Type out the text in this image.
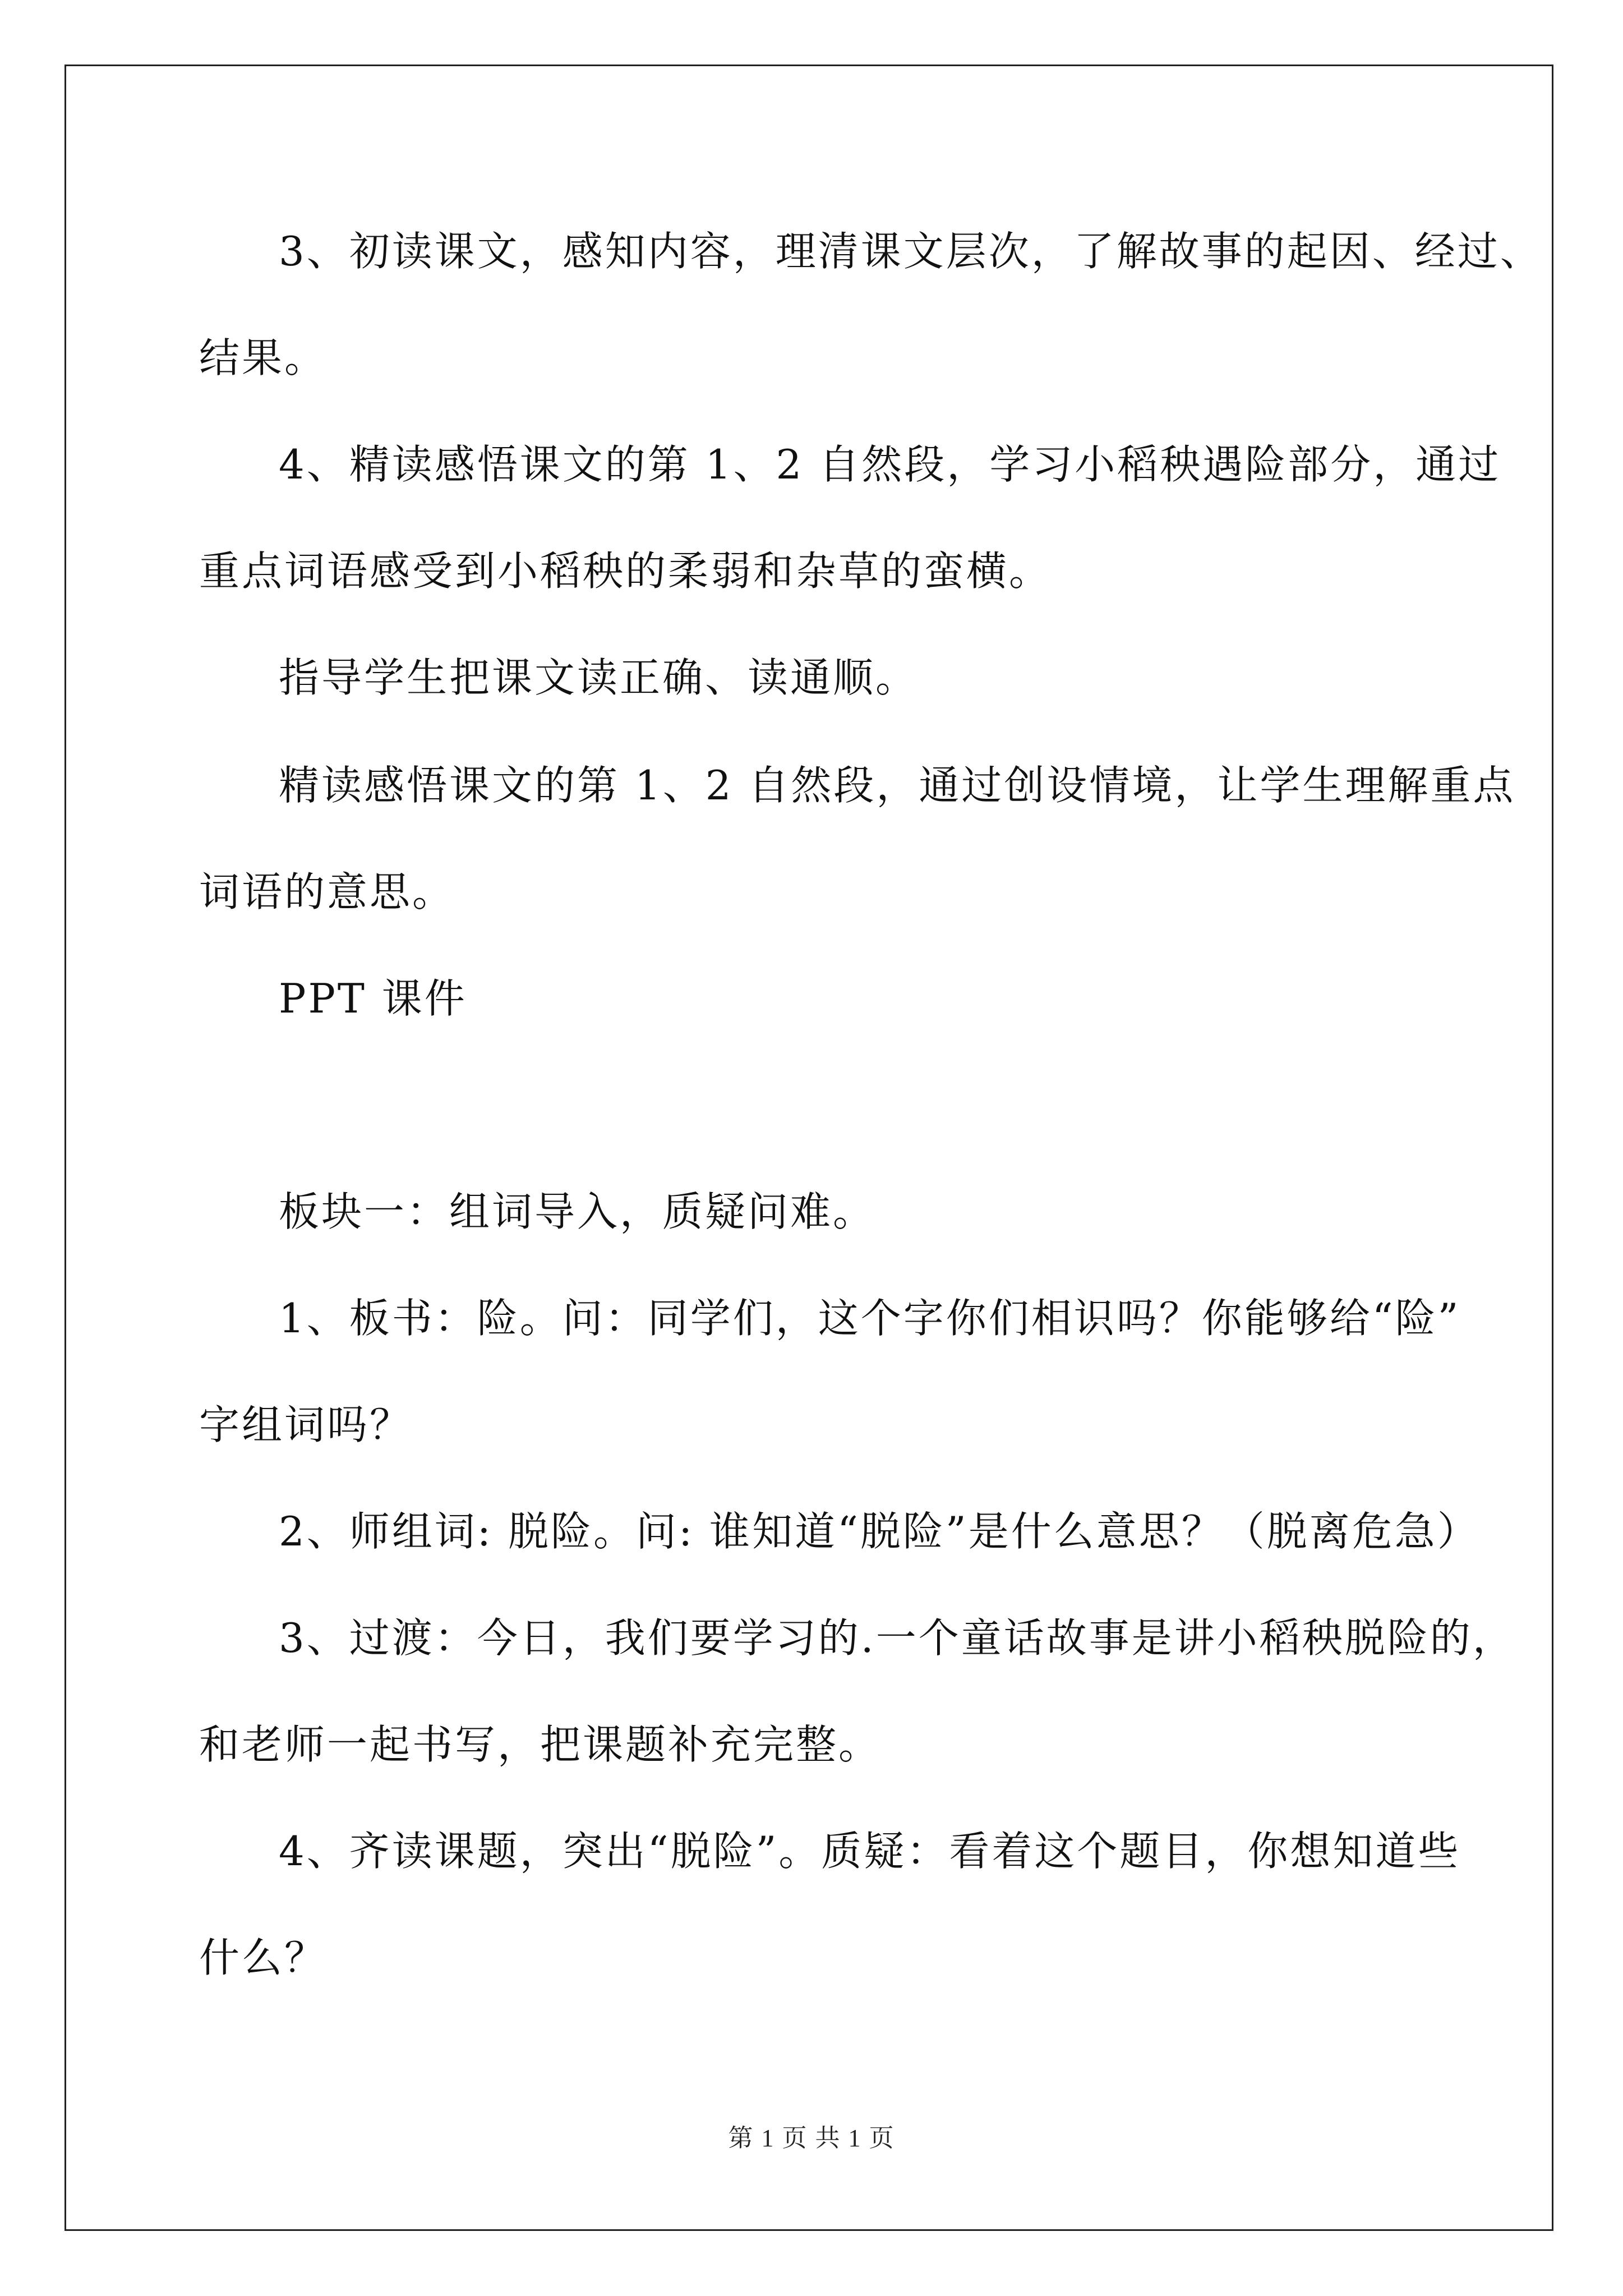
3、初读课文，感知内容，理清课文层次，了解故事的起因、经过、
结果。
4、精读感悟课文的第 1、2 自然段，学习小稻秧遇险部分，通过
重点词语感受到小稻秧的柔弱和杂草的蛮横。
指导学生把课文读正确、读通顺。
精读感悟课文的第 1、2 自然段，通过创设情境，让学生理解重点
词语的意思。
PPT 课件
板块一：组词导入，质疑问难。
1、板书：险。问：同学们，这个字你们相识吗？你能够给“险”
字组词吗？
2、师组词: 脱险。问: 谁知道“脱险”是什么意思？（脱离危急）
3、过渡：今日，我们要学习的.一个童话故事是讲小稻秧脱险的，
和老师一起书写，把课题补充完整。
4、齐读课题，突出“脱险”。质疑：看着这个题目，你想知道些
什么？
第 1 页 共 1 页
